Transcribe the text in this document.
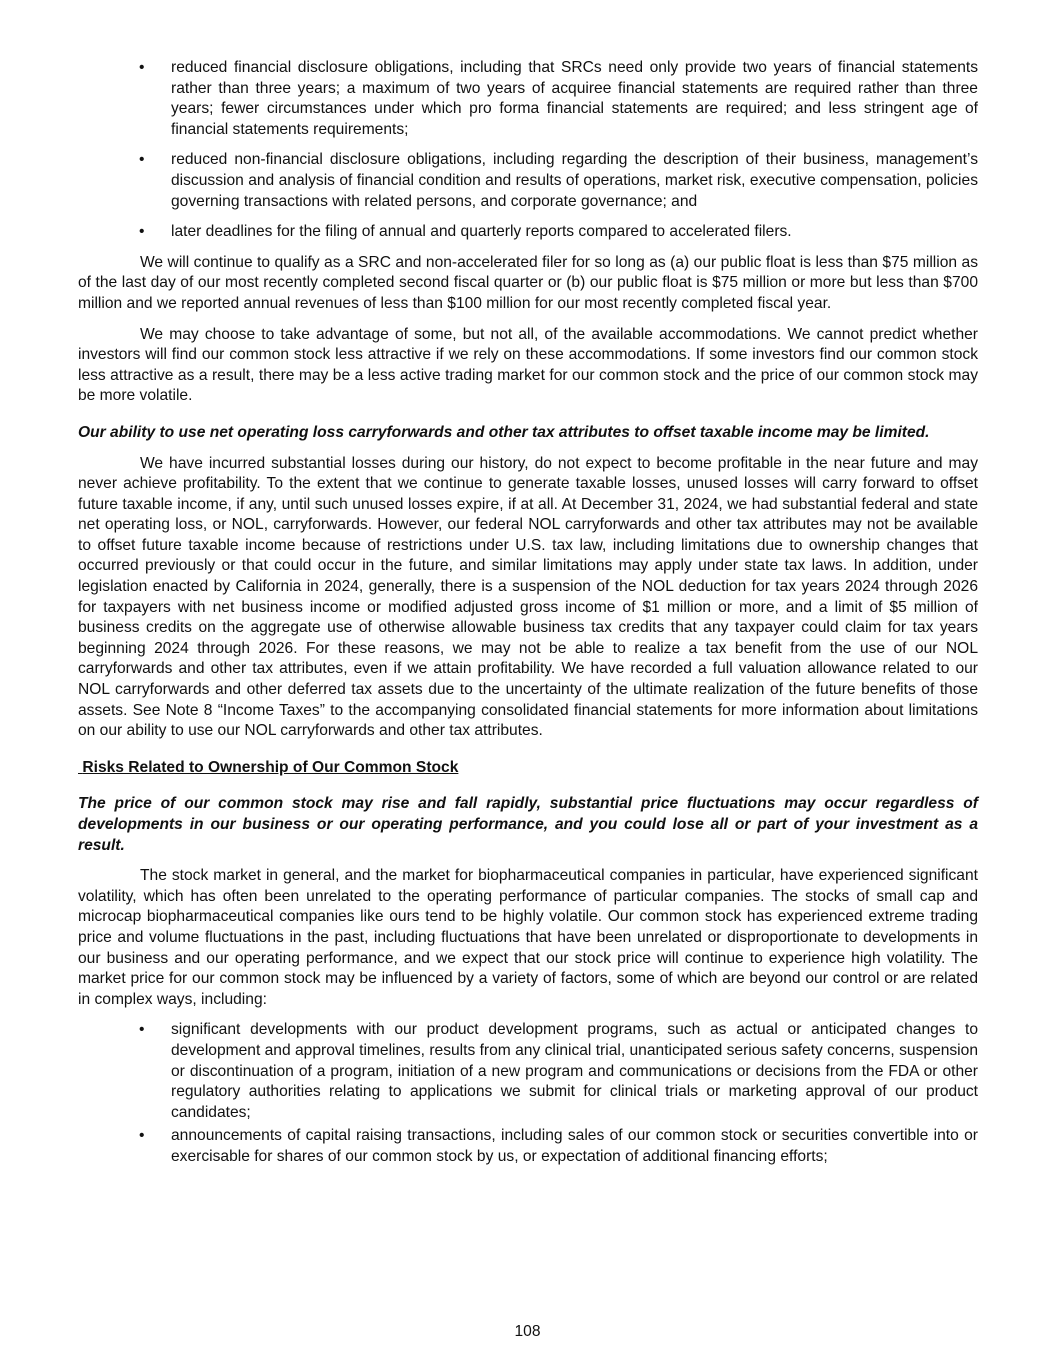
• reduced financial disclosure obligations, including that SRCs need only provide two years of financial statements rather than three years; a maximum of two years of acquiree financial statements are required rather than three years; fewer circumstances under which pro forma financial statements are required; and less stringent age of financial statements requirements;
• reduced non-financial disclosure obligations, including regarding the description of their business, management’s discussion and analysis of financial condition and results of operations, market risk, executive compensation, policies governing transactions with related persons, and corporate governance; and
• later deadlines for the filing of annual and quarterly reports compared to accelerated filers.

We will continue to qualify as a SRC and non-accelerated filer for so long as (a) our public float is less than $75 million as of the last day of our most recently completed second fiscal quarter or (b) our public float is $75 million or more but less than $700 million and we reported annual revenues of less than $100 million for our most recently completed fiscal year.

We may choose to take advantage of some, but not all, of the available accommodations. We cannot predict whether investors will find our common stock less attractive if we rely on these accommodations. If some investors find our common stock less attractive as a result, there may be a less active trading market for our common stock and the price of our common stock may be more volatile.

Our ability to use net operating loss carryforwards and other tax attributes to offset taxable income may be limited.

We have incurred substantial losses during our history, do not expect to become profitable in the near future and may never achieve profitability. To the extent that we continue to generate taxable losses, unused losses will carry forward to offset future taxable income, if any, until such unused losses expire, if at all. At December 31, 2024, we had substantial federal and state net operating loss, or NOL, carryforwards. However, our federal NOL carryforwards and other tax attributes may not be available to offset future taxable income because of restrictions under U.S. tax law, including limitations due to ownership changes that occurred previously or that could occur in the future, and similar limitations may apply under state tax laws. In addition, under legislation enacted by California in 2024, generally, there is a suspension of the NOL deduction for tax years 2024 through 2026 for taxpayers with net business income or modified adjusted gross income of $1 million or more, and a limit of $5 million of business credits on the aggregate use of otherwise allowable business tax credits that any taxpayer could claim for tax years beginning 2024 through 2026. For these reasons, we may not be able to realize a tax benefit from the use of our NOL carryforwards and other tax attributes, even if we attain profitability. We have recorded a full valuation allowance related to our NOL carryforwards and other deferred tax assets due to the uncertainty of the ultimate realization of the future benefits of those assets. See Note 8 “Income Taxes” to the accompanying consolidated financial statements for more information about limitations on our ability to use our NOL carryforwards and other tax attributes.

Risks Related to Ownership of Our Common Stock

The price of our common stock may rise and fall rapidly, substantial price fluctuations may occur regardless of developments in our business or our operating performance, and you could lose all or part of your investment as a result.

The stock market in general, and the market for biopharmaceutical companies in particular, have experienced significant volatility, which has often been unrelated to the operating performance of particular companies. The stocks of small cap and microcap biopharmaceutical companies like ours tend to be highly volatile. Our common stock has experienced extreme trading price and volume fluctuations in the past, including fluctuations that have been unrelated or disproportionate to developments in our business and our operating performance, and we expect that our stock price will continue to experience high volatility. The market price for our common stock may be influenced by a variety of factors, some of which are beyond our control or are related in complex ways, including:

• significant developments with our product development programs, such as actual or anticipated changes to development and approval timelines, results from any clinical trial, unanticipated serious safety concerns, suspension or discontinuation of a program, initiation of a new program and communications or decisions from the FDA or other regulatory authorities relating to applications we submit for clinical trials or marketing approval of our product candidates;
• announcements of capital raising transactions, including sales of our common stock or securities convertible into or exercisable for shares of our common stock by us, or expectation of additional financing efforts;
108
